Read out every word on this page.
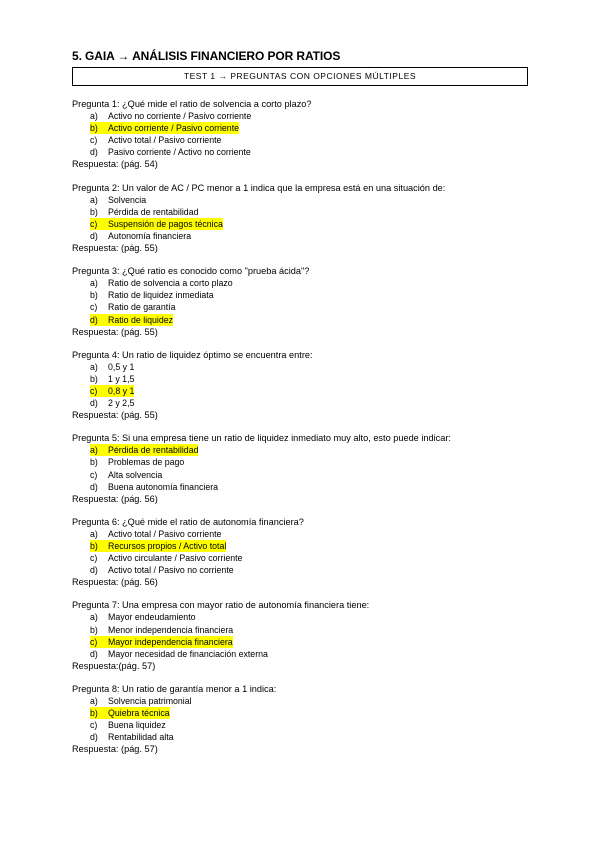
5. GAIA → ANÁLISIS FINANCIERO POR RATIOS
TEST 1 → PREGUNTAS CON OPCIONES MÚLTIPLES
Pregunta 1: ¿Qué mide el ratio de solvencia a corto plazo?
a)	Activo no corriente / Pasivo corriente
b)	Activo corriente / Pasivo corriente
c)	Activo total / Pasivo corriente
d)	Pasivo corriente / Activo no corriente
Respuesta: (pág. 54)
Pregunta 2: Un valor de AC / PC menor a 1 indica que la empresa está en una situación de:
a)	Solvencia
b)	Pérdida de rentabilidad
c)	Suspensión de pagos técnica
d)	Autonomía financiera
Respuesta: (pág. 55)
Pregunta 3: ¿Qué ratio es conocido como "prueba ácida"?
a)	Ratio de solvencia a corto plazo
b)	Ratio de liquidez inmediata
c)	Ratio de garantía
d)	Ratio de liquidez
Respuesta: (pág. 55)
Pregunta 4: Un ratio de liquidez óptimo se encuentra entre:
a)	0,5 y 1
b)	1 y 1,5
c)	0,8 y 1
d)	2 y 2,5
Respuesta: (pág. 55)
Pregunta 5: Si una empresa tiene un ratio de liquidez inmediato muy alto, esto puede indicar:
a)	Pérdida de rentabilidad
b)	Problemas de pago
c)	Alta solvencia
d)	Buena autonomía financiera
Respuesta: (pág. 56)
Pregunta 6: ¿Qué mide el ratio de autonomía financiera?
a)	Activo total / Pasivo corriente
b)	Recursos propios / Activo total
c)	Activo circulante / Pasivo corriente
d)	Activo total / Pasivo no corriente
Respuesta: (pág. 56)
Pregunta 7: Una empresa con mayor ratio de autonomía financiera tiene:
a)	Mayor endeudamiento
b)	Menor independencia financiera
c)	Mayor independencia financiera
d)	Mayor necesidad de financiación externa
Respuesta:(pág. 57)
Pregunta 8: Un ratio de garantía menor a 1 indica:
a)	Solvencia patrimonial
b)	Quiebra técnica
c)	Buena liquidez
d)	Rentabilidad alta
Respuesta: (pág. 57)
